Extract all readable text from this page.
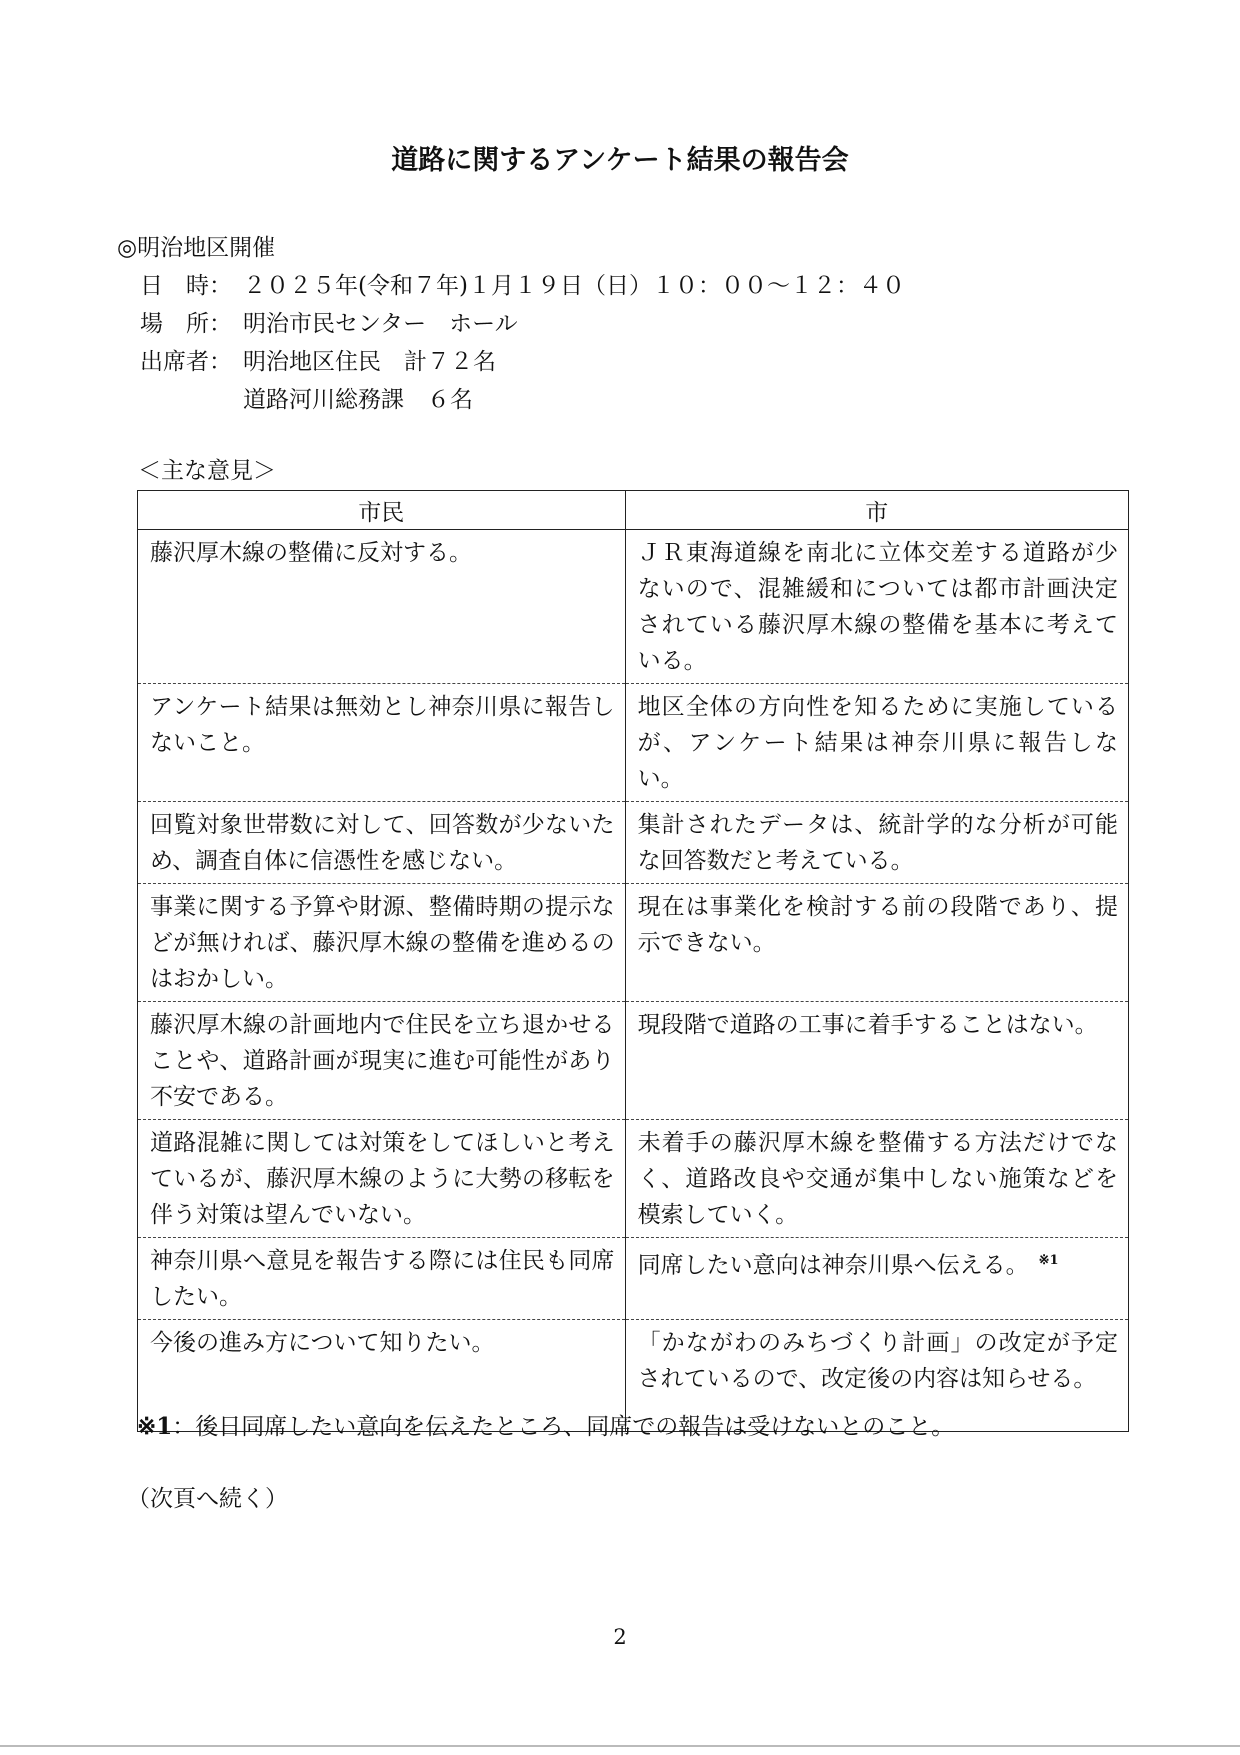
道路に関するアンケート結果の報告会
◎明治地区開催
日　時： ２０２５年(令和７年)１月１９日（日）１０：００～１２：４０
場　所： 明治市民センター　ホール
出席者： 明治地区住民　計７２名
道路河川総務課　６名
＜主な意見＞
市民	市
藤沢厚木線の整備に反対する。	ＪＲ東海道線を南北に立体交差する道路が少ないので、混雑緩和については都市計画決定されている藤沢厚木線の整備を基本に考えている。
アンケート結果は無効とし神奈川県に報告しないこと。	地区全体の方向性を知るために実施しているが、アンケート結果は神奈川県に報告しない。
回覧対象世帯数に対して、回答数が少ないため、調査自体に信憑性を感じない。	集計されたデータは、統計学的な分析が可能な回答数だと考えている。
事業に関する予算や財源、整備時期の提示などが無ければ、藤沢厚木線の整備を進めるのはおかしい。	現在は事業化を検討する前の段階であり、提示できない。
藤沢厚木線の計画地内で住民を立ち退かせることや、道路計画が現実に進む可能性があり不安である。	現段階で道路の工事に着手することはない。
道路混雑に関しては対策をしてほしいと考えているが、藤沢厚木線のように大勢の移転を伴う対策は望んでいない。	未着手の藤沢厚木線を整備する方法だけでなく、道路改良や交通が集中しない施策などを模索していく。
神奈川県へ意見を報告する際には住民も同席したい。	同席したい意向は神奈川県へ伝える。 $^{※1}$
今後の進み方について知りたい。	「かながわのみちづくり計画」の改定が予定されているので、改定後の内容は知らせる。
※1：後日同席したい意向を伝えたところ、同席での報告は受けないとのこと。
（次頁へ続く）
2
